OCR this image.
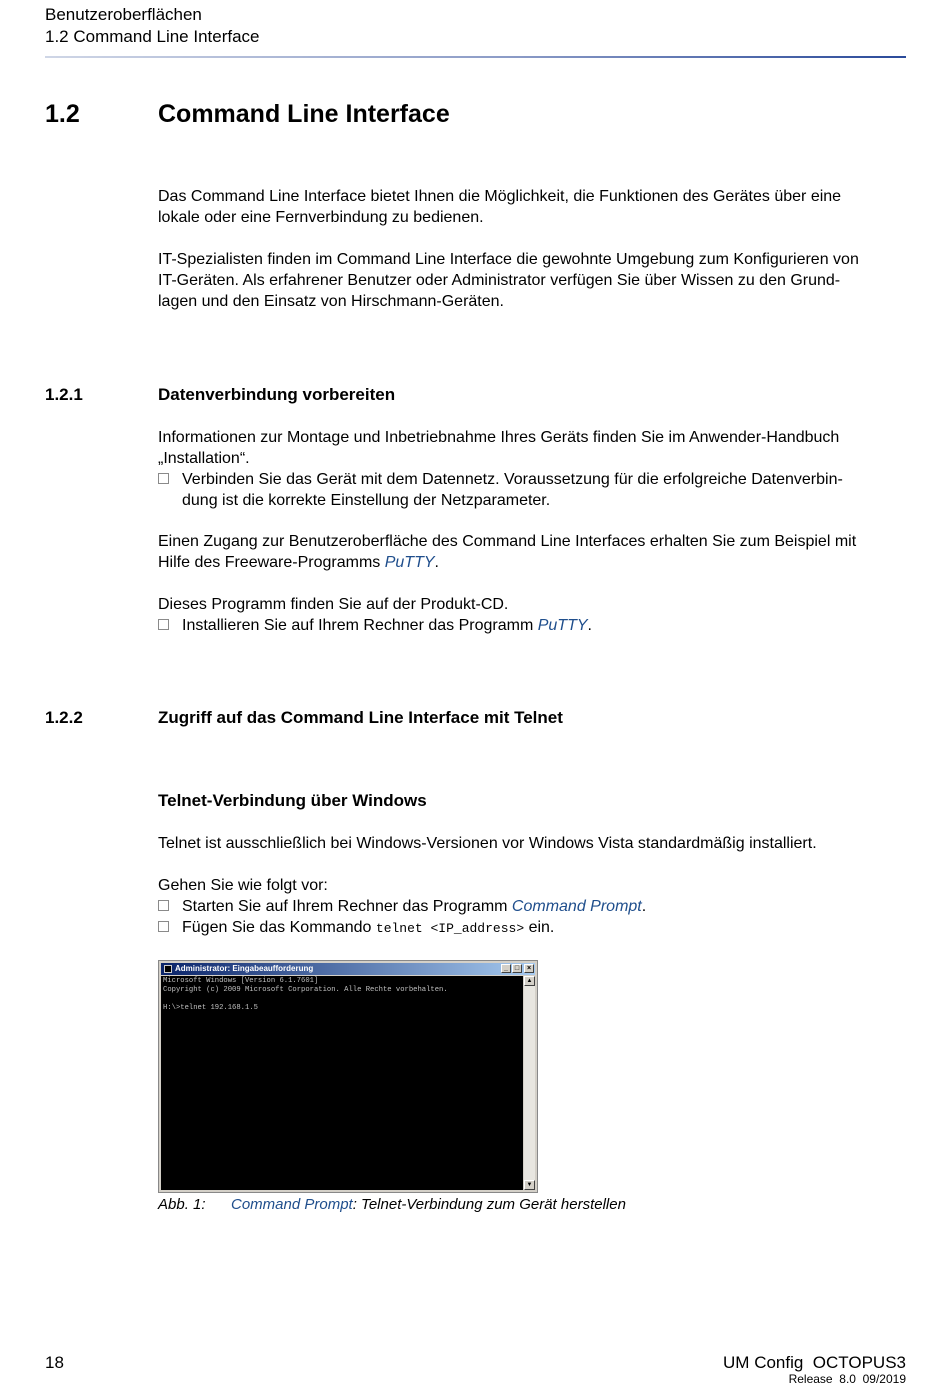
Benutzeroberflächen
1.2 Command Line Interface
1.2	Command Line Interface
Das Command Line Interface bietet Ihnen die Möglichkeit, die Funktionen des Gerätes über eine
lokale oder eine Fernverbindung zu bedienen.
IT-Spezialisten finden im Command Line Interface die gewohnte Umgebung zum Konfigurieren von
IT-Geräten. Als erfahrener Benutzer oder Administrator verfügen Sie über Wissen zu den Grund-
lagen und den Einsatz von Hirschmann-Geräten.
1.2.1	Datenverbindung vorbereiten
Informationen zur Montage und Inbetriebnahme Ihres Geräts finden Sie im Anwender-Handbuch
„Installation“.
Verbinden Sie das Gerät mit dem Datennetz. Voraussetzung für die erfolgreiche Datenverbin-
dung ist die korrekte Einstellung der Netzparameter.
Einen Zugang zur Benutzeroberfläche des Command Line Interfaces erhalten Sie zum Beispiel mit
Hilfe des Freeware-Programms PuTTY.
Dieses Programm finden Sie auf der Produkt-CD.
Installieren Sie auf Ihrem Rechner das Programm PuTTY.
1.2.2	Zugriff auf das Command Line Interface mit Telnet
Telnet-Verbindung über Windows
Telnet ist ausschließlich bei Windows-Versionen vor Windows Vista standardmäßig installiert.
Gehen Sie wie folgt vor:
Starten Sie auf Ihrem Rechner das Programm Command Prompt.
Fügen Sie das Kommando telnet <IP_address> ein.
Administrator: Eingabeaufforderung	_ □	×
Microsoft Windows [Version 6.1.7601]
Copyright (c) 2009 Microsoft Corporation. Alle Rechte vorbehalten.

H:\>telnet 192.168.1.5
▲
▼
Abb. 1: Command Prompt: Telnet-Verbindung zum Gerät herstellen
18	UM Config  OCTOPUS3
Release  8.0  09/2019
